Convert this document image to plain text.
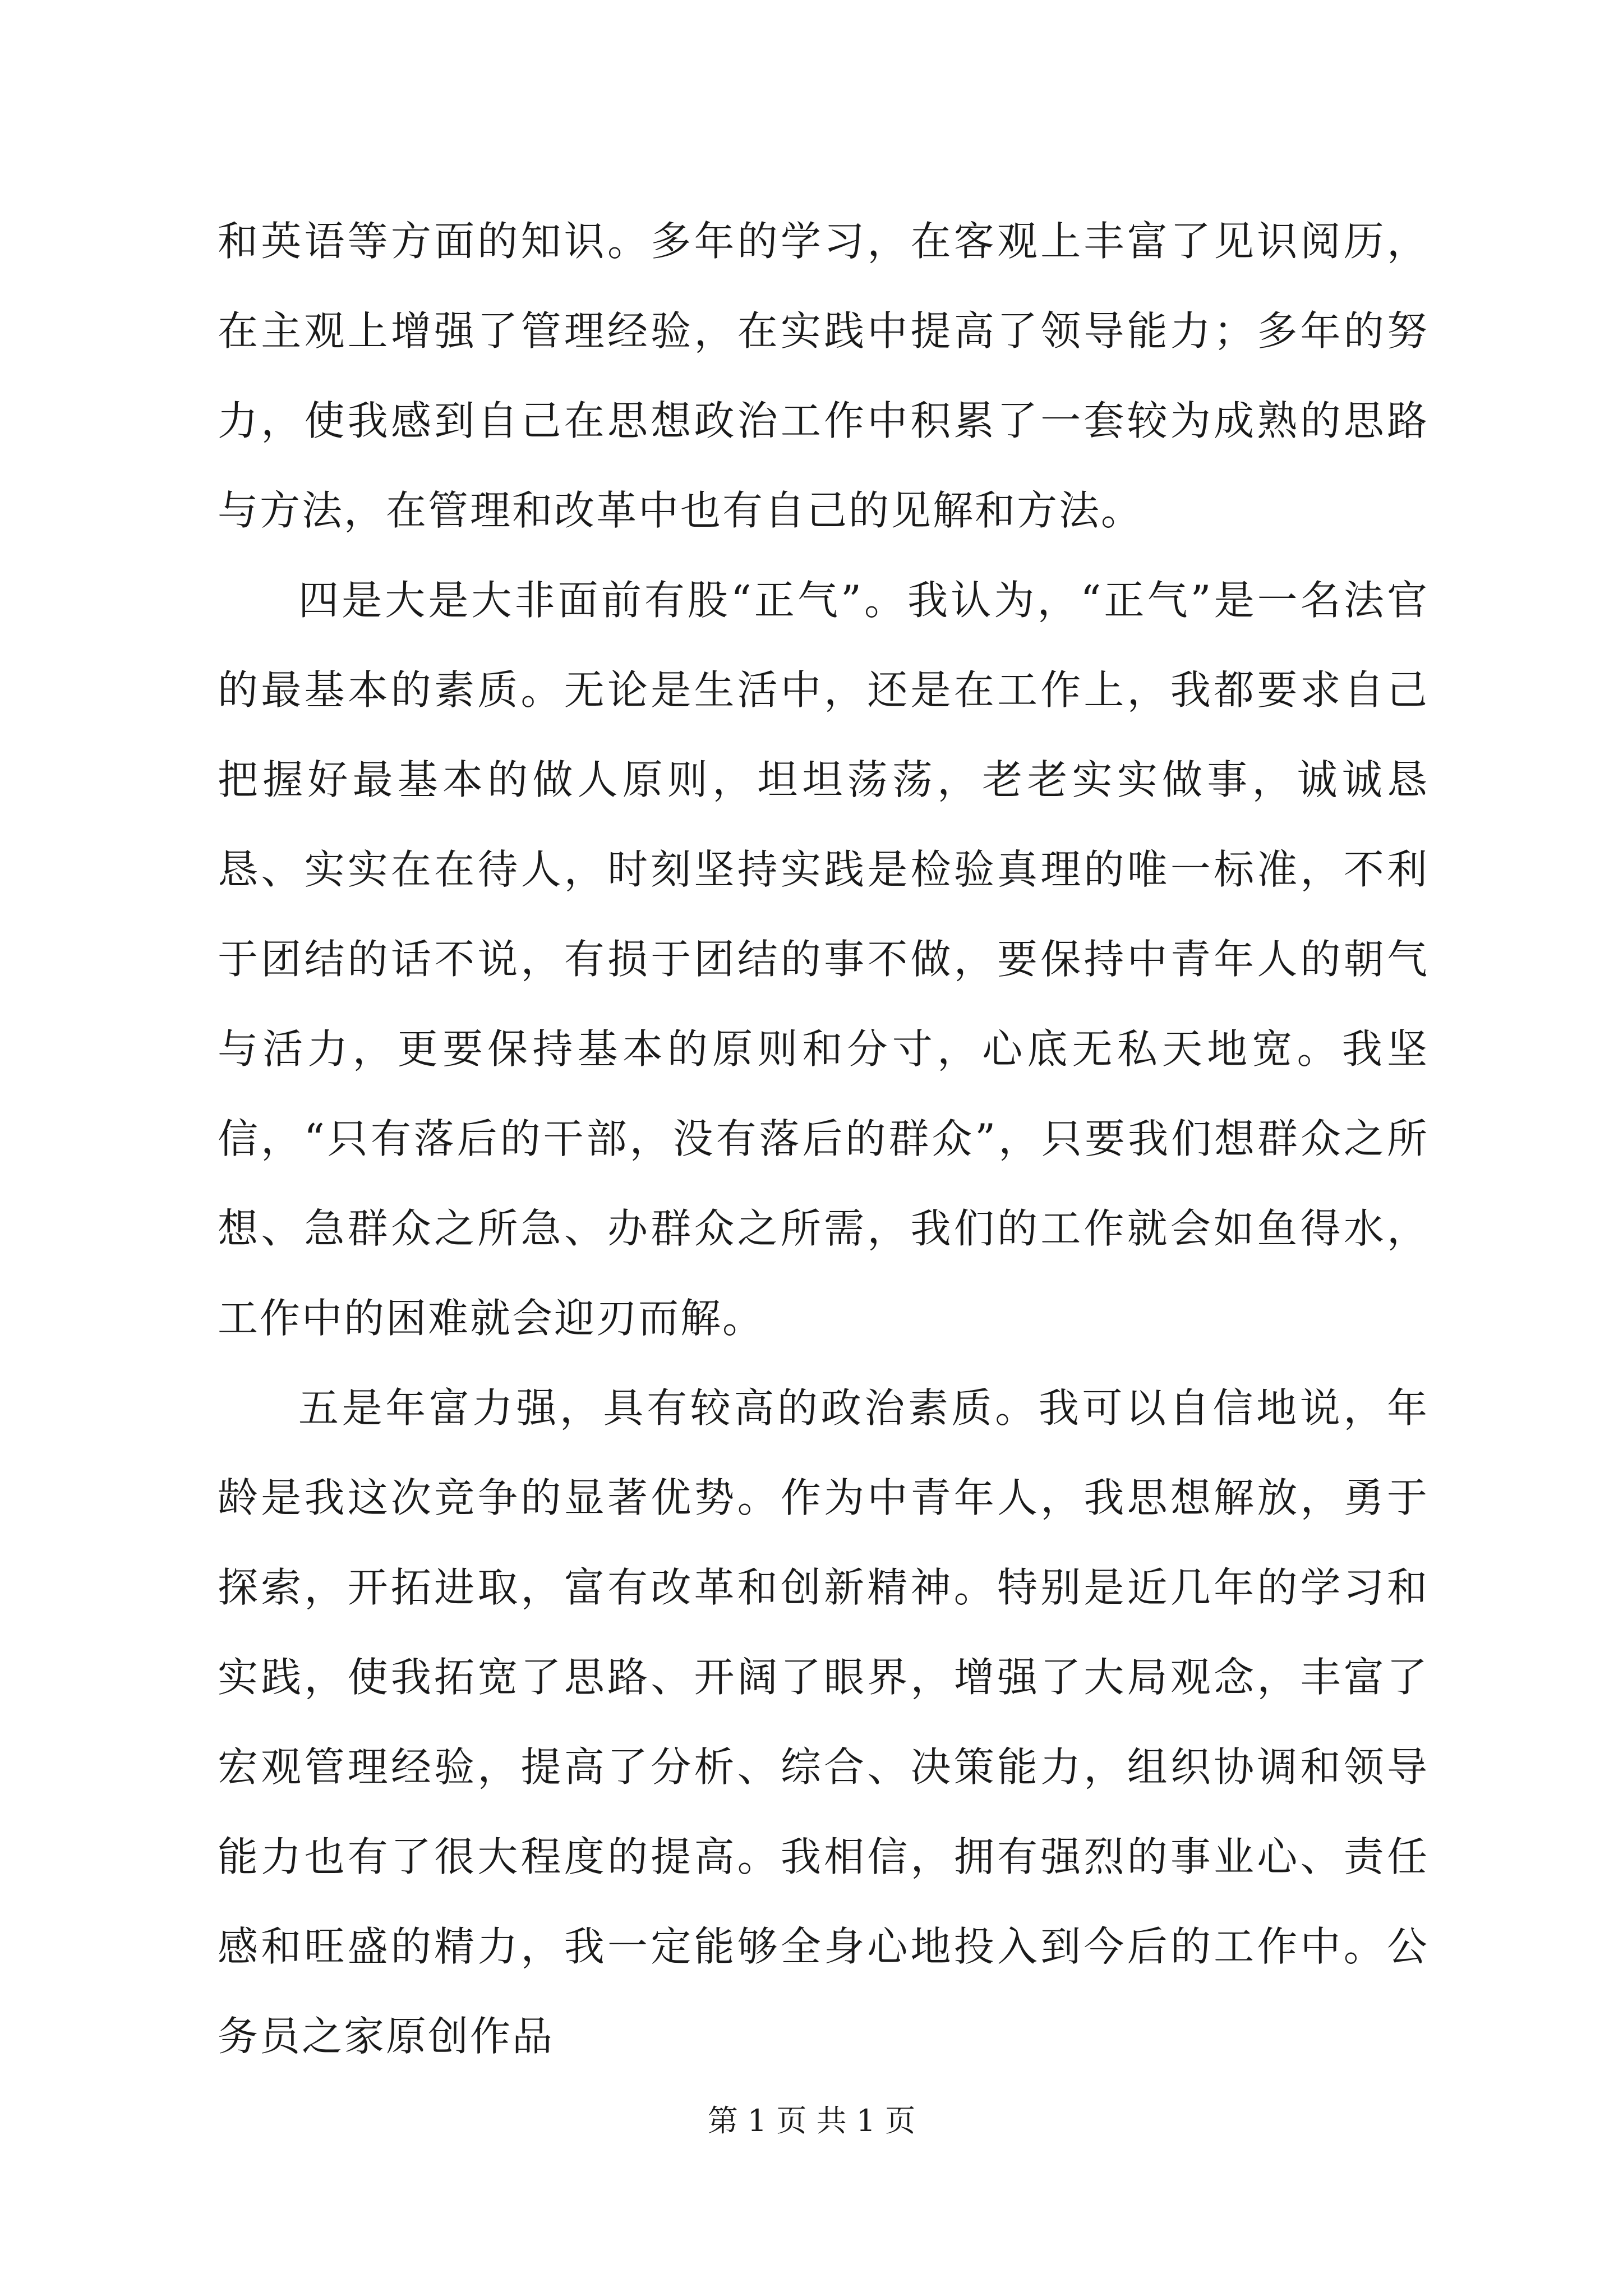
和英语等方面的知识。多年的学习，在客观上丰富了见识阅历，在主观上增强了管理经验，在实践中提高了领导能力；多年的努力，使我感到自己在思想政治工作中积累了一套较为成熟的思路与方法，在管理和改革中也有自己的见解和方法。

四是大是大非面前有股“正气”。我认为，“正气”是一名法官的最基本的素质。无论是生活中，还是在工作上，我都要求自己把握好最基本的做人原则，坦坦荡荡，老老实实做事，诚诚恳恳、实实在在待人，时刻坚持实践是检验真理的唯一标准，不利于团结的话不说，有损于团结的事不做，要保持中青年人的朝气与活力，更要保持基本的原则和分寸，心底无私天地宽。我坚信，“只有落后的干部，没有落后的群众”，只要我们想群众之所想、急群众之所急、办群众之所需，我们的工作就会如鱼得水，工作中的困难就会迎刃而解。

五是年富力强，具有较高的政治素质。我可以自信地说，年龄是我这次竞争的显著优势。作为中青年人，我思想解放，勇于探索，开拓进取，富有改革和创新精神。特别是近几年的学习和实践，使我拓宽了思路、开阔了眼界，增强了大局观念，丰富了宏观管理经验，提高了分析、综合、决策能力，组织协调和领导能力也有了很大程度的提高。我相信，拥有强烈的事业心、责任感和旺盛的精力，我一定能够全身心地投入到今后的工作中。公务员之家原创作品

第 1 页 共 1 页
